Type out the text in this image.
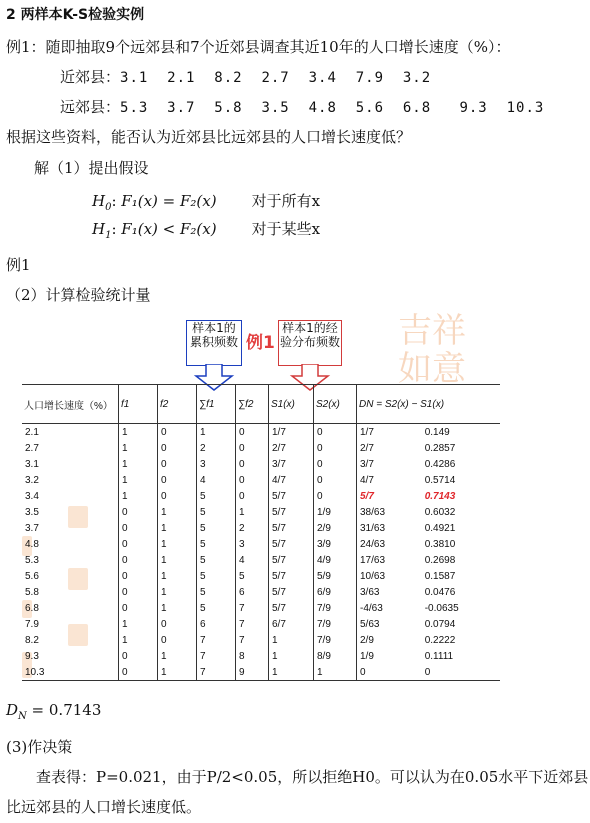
2 两样本K-S检验实例
例1：随即抽取9个远郊县和7个近郊县调查其近10年的人口增长速度（%）：
近郊县：3.1  2.1  8.2  2.7  3.4  7.9  3.2
远郊县：5.3  3.7  5.8  3.5  4.8  5.6  6.8   9.3  10.3
根据这些资料，能否认为近郊县比远郊县的人口增长速度低？
解（1）提出假设
$H_0$: F₁(x) = F₂(x) 对于所有x
$H_1$: F₁(x) < F₂(x) 对于某些x
例1
（2）计算检验统计量
吉祥
如意
样本1的累积频数
样本1的经验分布频数
例1
人口增长速度（%）	f1	f2	∑f1	∑f2	S1(x)	S2(x)	DN = S2(x) − S1(x)	
2.1	1	0	1	0	1/7	0	1/7	0.149
2.7	1	0	2	0	2/7	0	2/7	0.2857
3.1	1	0	3	0	3/7	0	3/7	0.4286
3.2	1	0	4	0	4/7	0	4/7	0.5714
3.4	1	0	5	0	5/7	0	5/7	0.7143
3.5	0	1	5	1	5/7	1/9	38/63	0.6032
3.7	0	1	5	2	5/7	2/9	31/63	0.4921
4.8	0	1	5	3	5/7	3/9	24/63	0.3810
5.3	0	1	5	4	5/7	4/9	17/63	0.2698
5.6	0	1	5	5	5/7	5/9	10/63	0.1587
5.8	0	1	5	6	5/7	6/9	3/63	0.0476
6.8	0	1	5	7	5/7	7/9	-4/63	-0.0635
7.9	1	0	6	7	6/7	7/9	5/63	0.0794
8.2	1	0	7	7	1	7/9	2/9	0.2222
9.3	0	1	7	8	1	8/9	1/9	0.1111
10.3	0	1	7	9	1	1	0	0
$D_N = 0.7143$
(3)作决策
查表得：P=0.021，由于P/2<0.05，所以拒绝H0。可以认为在0.05水平下近郊县
比远郊县的人口增长速度低。
